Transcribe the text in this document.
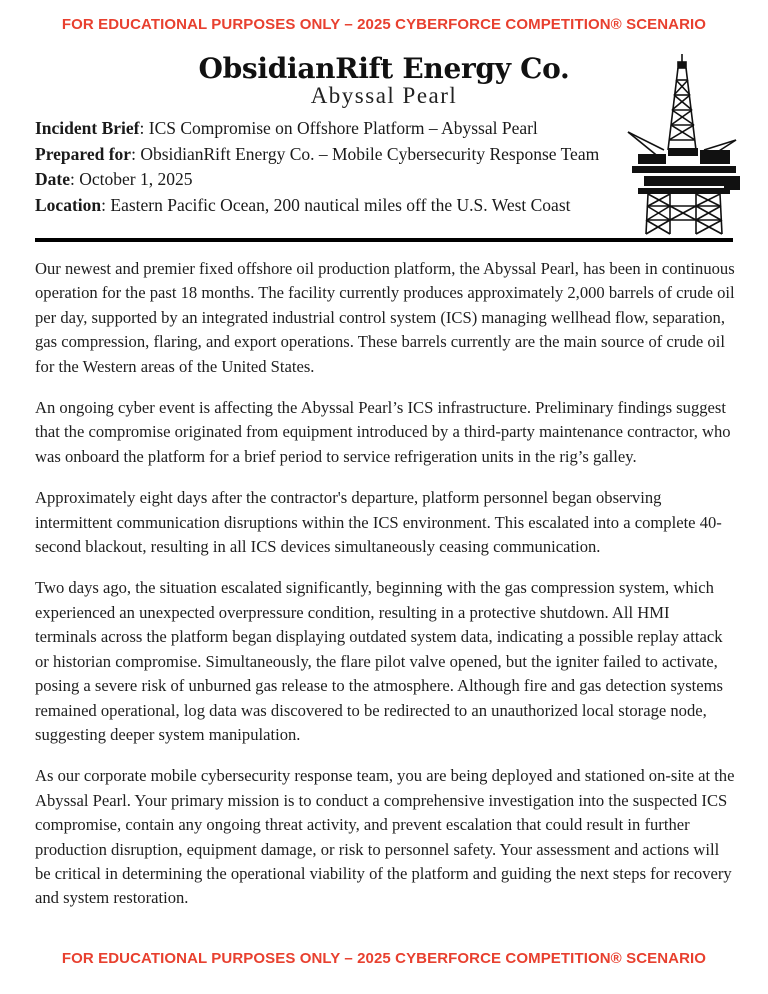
FOR EDUCATIONAL PURPOSES ONLY – 2025 CYBERFORCE COMPETITION® SCENARIO
ObsidianRift Energy Co.
Abyssal Pearl
Incident Brief: ICS Compromise on Offshore Platform – Abyssal Pearl
Prepared for: ObsidianRift Energy Co. – Mobile Cybersecurity Response Team
Date: October 1, 2025
Location: Eastern Pacific Ocean, 200 nautical miles off the U.S. West Coast

Our newest and premier fixed offshore oil production platform, the Abyssal Pearl, has been in continuous operation for the past 18 months. The facility currently produces approximately 2,000 barrels of crude oil per day, supported by an integrated industrial control system (ICS) managing wellhead flow, separation, gas compression, flaring, and export operations. These barrels currently are the main source of crude oil for the Western areas of the United States.

An ongoing cyber event is affecting the Abyssal Pearl’s ICS infrastructure. Preliminary findings suggest that the compromise originated from equipment introduced by a third-party maintenance contractor, who was onboard the platform for a brief period to service refrigeration units in the rig’s galley.

Approximately eight days after the contractor's departure, platform personnel began observing intermittent communication disruptions within the ICS environment. This escalated into a complete 40-second blackout, resulting in all ICS devices simultaneously ceasing communication.

Two days ago, the situation escalated significantly, beginning with the gas compression system, which experienced an unexpected overpressure condition, resulting in a protective shutdown. All HMI terminals across the platform began displaying outdated system data, indicating a possible replay attack or historian compromise. Simultaneously, the flare pilot valve opened, but the igniter failed to activate, posing a severe risk of unburned gas release to the atmosphere. Although fire and gas detection systems remained operational, log data was discovered to be redirected to an unauthorized local storage node, suggesting deeper system manipulation.

As our corporate mobile cybersecurity response team, you are being deployed and stationed on-site at the Abyssal Pearl. Your primary mission is to conduct a comprehensive investigation into the suspected ICS compromise, contain any ongoing threat activity, and prevent escalation that could result in further production disruption, equipment damage, or risk to personnel safety. Your assessment and actions will be critical in determining the operational viability of the platform and guiding the next steps for recovery and system restoration.

FOR EDUCATIONAL PURPOSES ONLY – 2025 CYBERFORCE COMPETITION® SCENARIO
